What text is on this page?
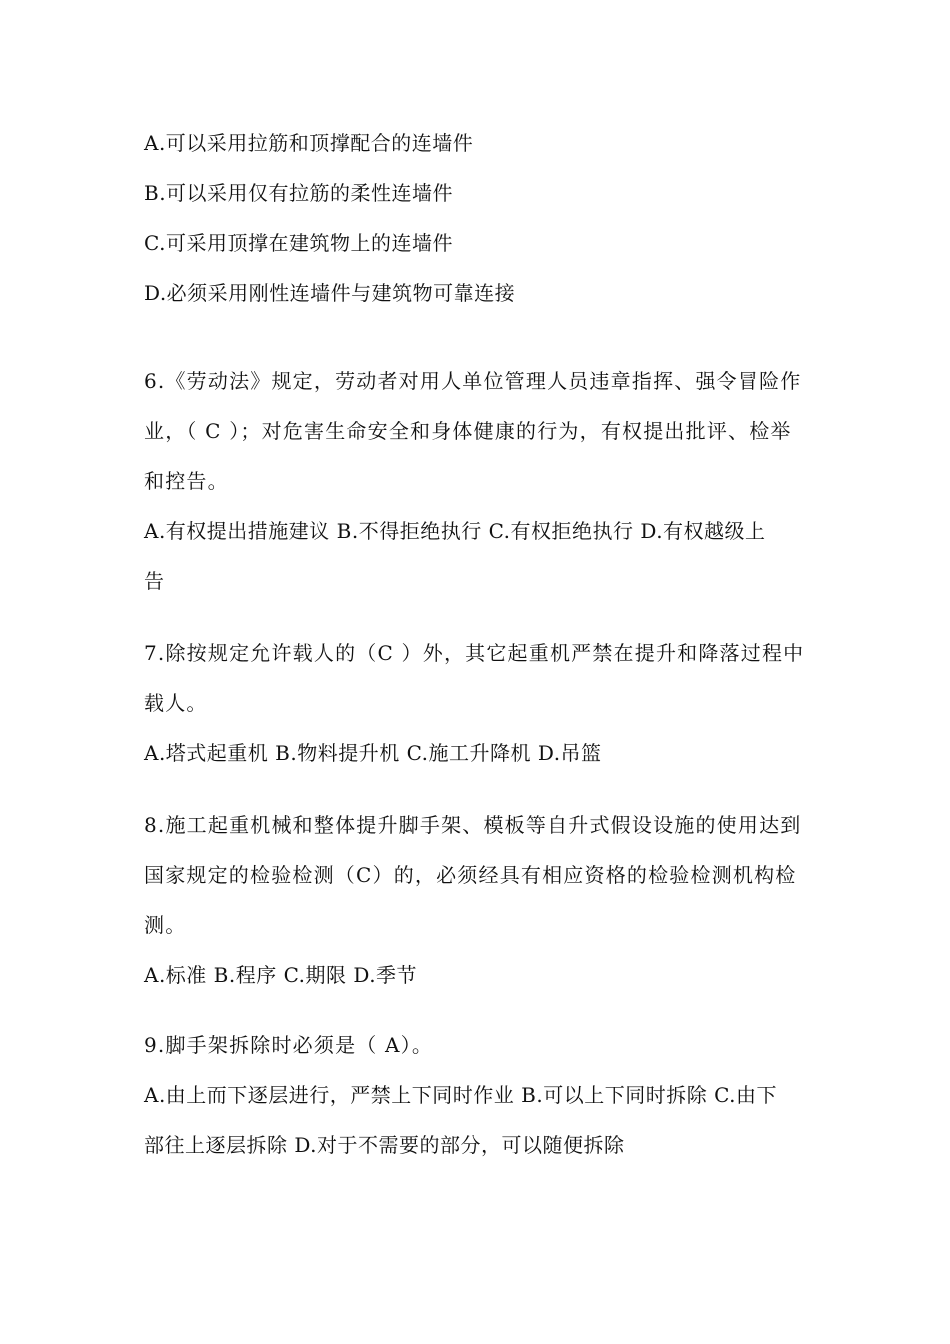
A.可以采用拉筋和顶撑配合的连墙件
B.可以采用仅有拉筋的柔性连墙件
C.可采用顶撑在建筑物上的连墙件
D.必须采用刚性连墙件与建筑物可靠连接
6.《劳动法》规定，劳动者对用人单位管理人员违章指挥、强令冒险作
业，（ C ）；对危害生命安全和身体健康的行为，有权提出批评、检举
和控告。
A.有权提出措施建议 B.不得拒绝执行 C.有权拒绝执行 D.有权越级上
告
7.除按规定允许载人的（C ）外，其它起重机严禁在提升和降落过程中
载人。
A.塔式起重机 B.物料提升机 C.施工升降机 D.吊篮
8.施工起重机械和整体提升脚手架、模板等自升式假设设施的使用达到
国家规定的检验检测（C）的，必须经具有相应资格的检验检测机构检
测。
A.标准 B.程序 C.期限 D.季节
9.脚手架拆除时必须是（ A）。
A.由上而下逐层进行，严禁上下同时作业 B.可以上下同时拆除 C.由下
部往上逐层拆除 D.对于不需要的部分，可以随便拆除
